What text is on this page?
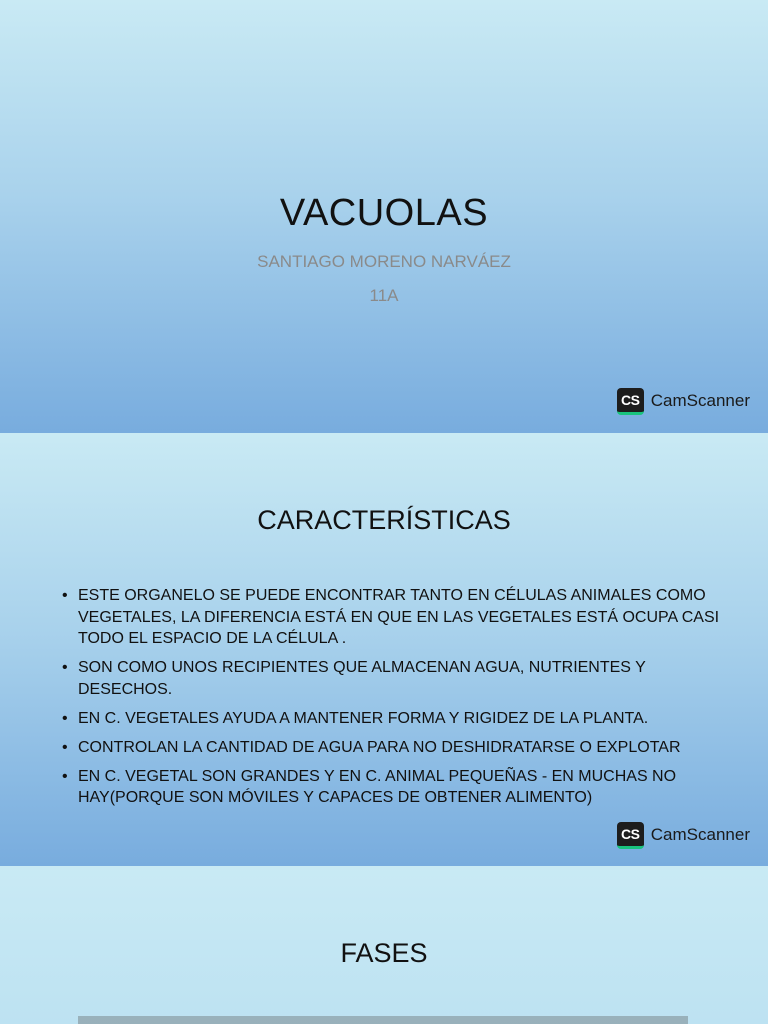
VACUOLAS
SANTIAGO MORENO NARVÁEZ
11A
CS CamScanner
CARACTERÍSTICAS
• ESTE ORGANELO SE PUEDE ENCONTRAR TANTO EN CÉLULAS ANIMALES COMO VEGETALES, LA DIFERENCIA ESTÁ EN QUE EN LAS VEGETALES ESTÁ OCUPA CASI TODO EL ESPACIO DE LA CÉLULA .
• SON COMO UNOS RECIPIENTES QUE ALMACENAN AGUA, NUTRIENTES Y DESECHOS.
• EN C. VEGETALES AYUDA A MANTENER FORMA Y RIGIDEZ DE LA PLANTA.
• CONTROLAN LA CANTIDAD DE AGUA PARA NO DESHIDRATARSE O EXPLOTAR
• EN C. VEGETAL SON GRANDES Y EN C. ANIMAL PEQUEÑAS - EN MUCHAS NO HAY(PORQUE SON MÓVILES Y CAPACES DE OBTENER ALIMENTO)
CS CamScanner
FASES
